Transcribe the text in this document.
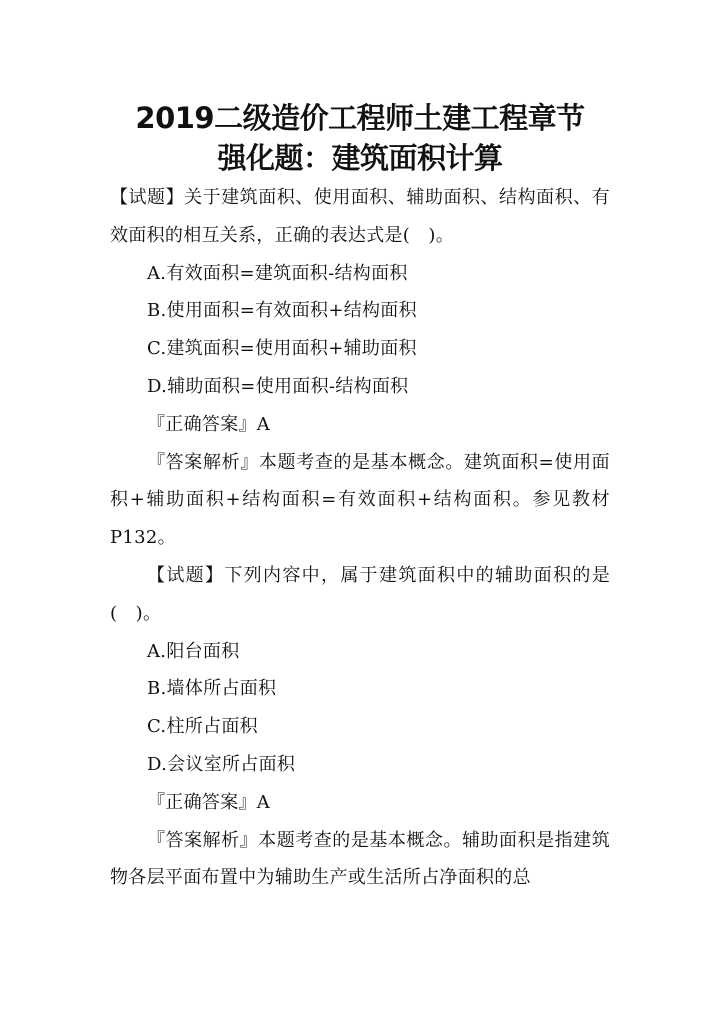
2019二级造价工程师土建工程章节
强化题：建筑面积计算

【试题】关于建筑面积、使用面积、辅助面积、结构面积、有效面积的相互关系，正确的表达式是(　)。

A.有效面积=建筑面积-结构面积

B.使用面积=有效面积+结构面积

C.建筑面积=使用面积+辅助面积

D.辅助面积=使用面积-结构面积

『正确答案』A

『答案解析』本题考查的是基本概念。建筑面积=使用面积+辅助面积+结构面积=有效面积+结构面积。参见教材P132。

【试题】下列内容中，属于建筑面积中的辅助面积的是(　)。

A.阳台面积

B.墙体所占面积

C.柱所占面积

D.会议室所占面积

『正确答案』A

『答案解析』本题考查的是基本概念。辅助面积是指建筑物各层平面布置中为辅助生产或生活所占净面积的总
